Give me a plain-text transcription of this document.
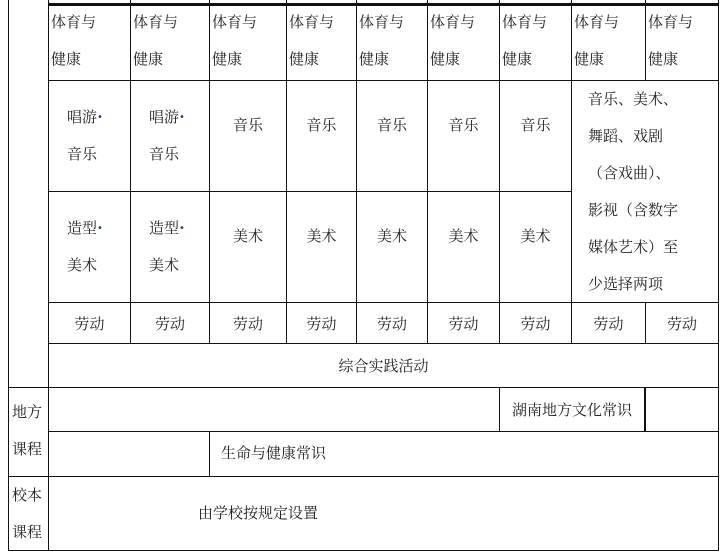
地方
课程
校本
课程
音乐、美术、
舞蹈、戏剧
（含戏曲）、
影视（含数字
媒体艺术）至
少选择两项
综合实践活动
湖南地方文化常识
生命与健康常识
由学校按规定设置
体育与健康
唱游•
音乐
造型•
美术
劳动
体育与健康
唱游•
音乐
造型•
美术
劳动
体育与健康
音乐
美术
劳动
体育与健康
音乐
美术
劳动
体育与健康
音乐
美术
劳动
体育与健康
音乐
美术
劳动
体育与健康
音乐
美术
劳动
体育与健康
劳动
体育与健康
劳动
